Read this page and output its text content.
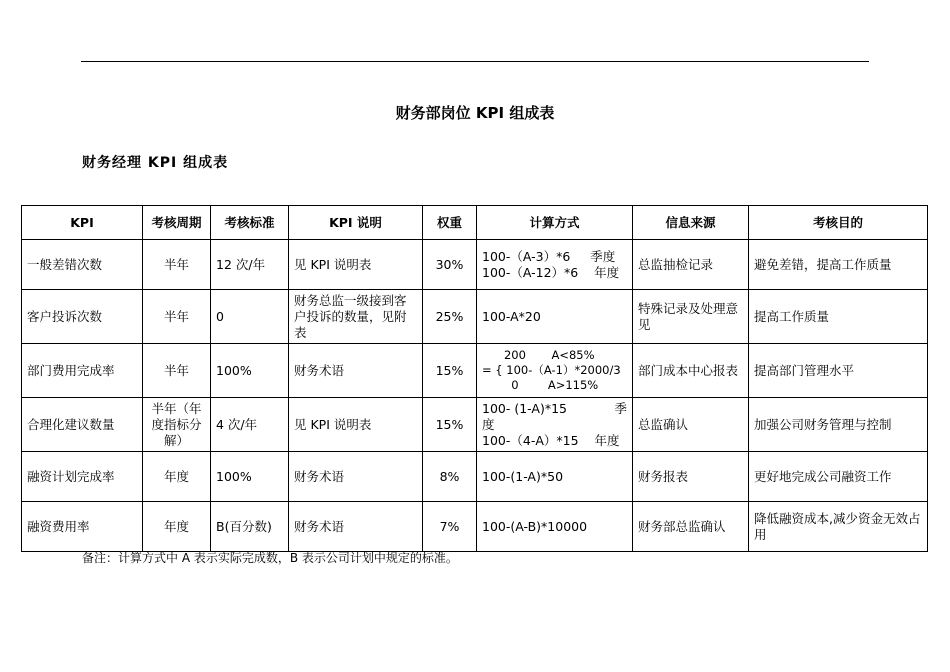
财务部岗位 KPI 组成表
财务经理 KPI 组成表
KPI	考核周期	考核标准	KPI 说明	权重	计算方式	信息来源	考核目的
一般差错次数	半年	12 次/年	见 KPI 说明表	30%	100-（A-3）*6 季度
100-（A-12）*6 年度	总监抽检记录	避免差错，提高工作质量
客户投诉次数	半年	0	财务总监一级接到客户投诉的数量，见附表	25%	100-A*20	特殊记录及处理意见	提高工作质量
部门费用完成率	半年	100%	财务术语	15%	200 A<85%
= { 100-（A-1）*2000/3
0 A>115%	部门成本中心报表	提高部门管理水平
合理化建议数量	半年（年度指标分解）	4 次/年	见 KPI 说明表	15%	100- (1-A)*15 季
度
100-（4-A）*15 年度	总监确认	加强公司财务管理与控制
融资计划完成率	年度	100%	财务术语	8%	100-(1-A)*50	财务报表	更好地完成公司融资工作
融资费用率	年度	B(百分数)	财务术语	7%	100-(A-B)*10000	财务部总监确认	降低融资成本,减少资金无效占用
备注：计算方式中 A 表示实际完成数，B 表示公司计划中规定的标准。
